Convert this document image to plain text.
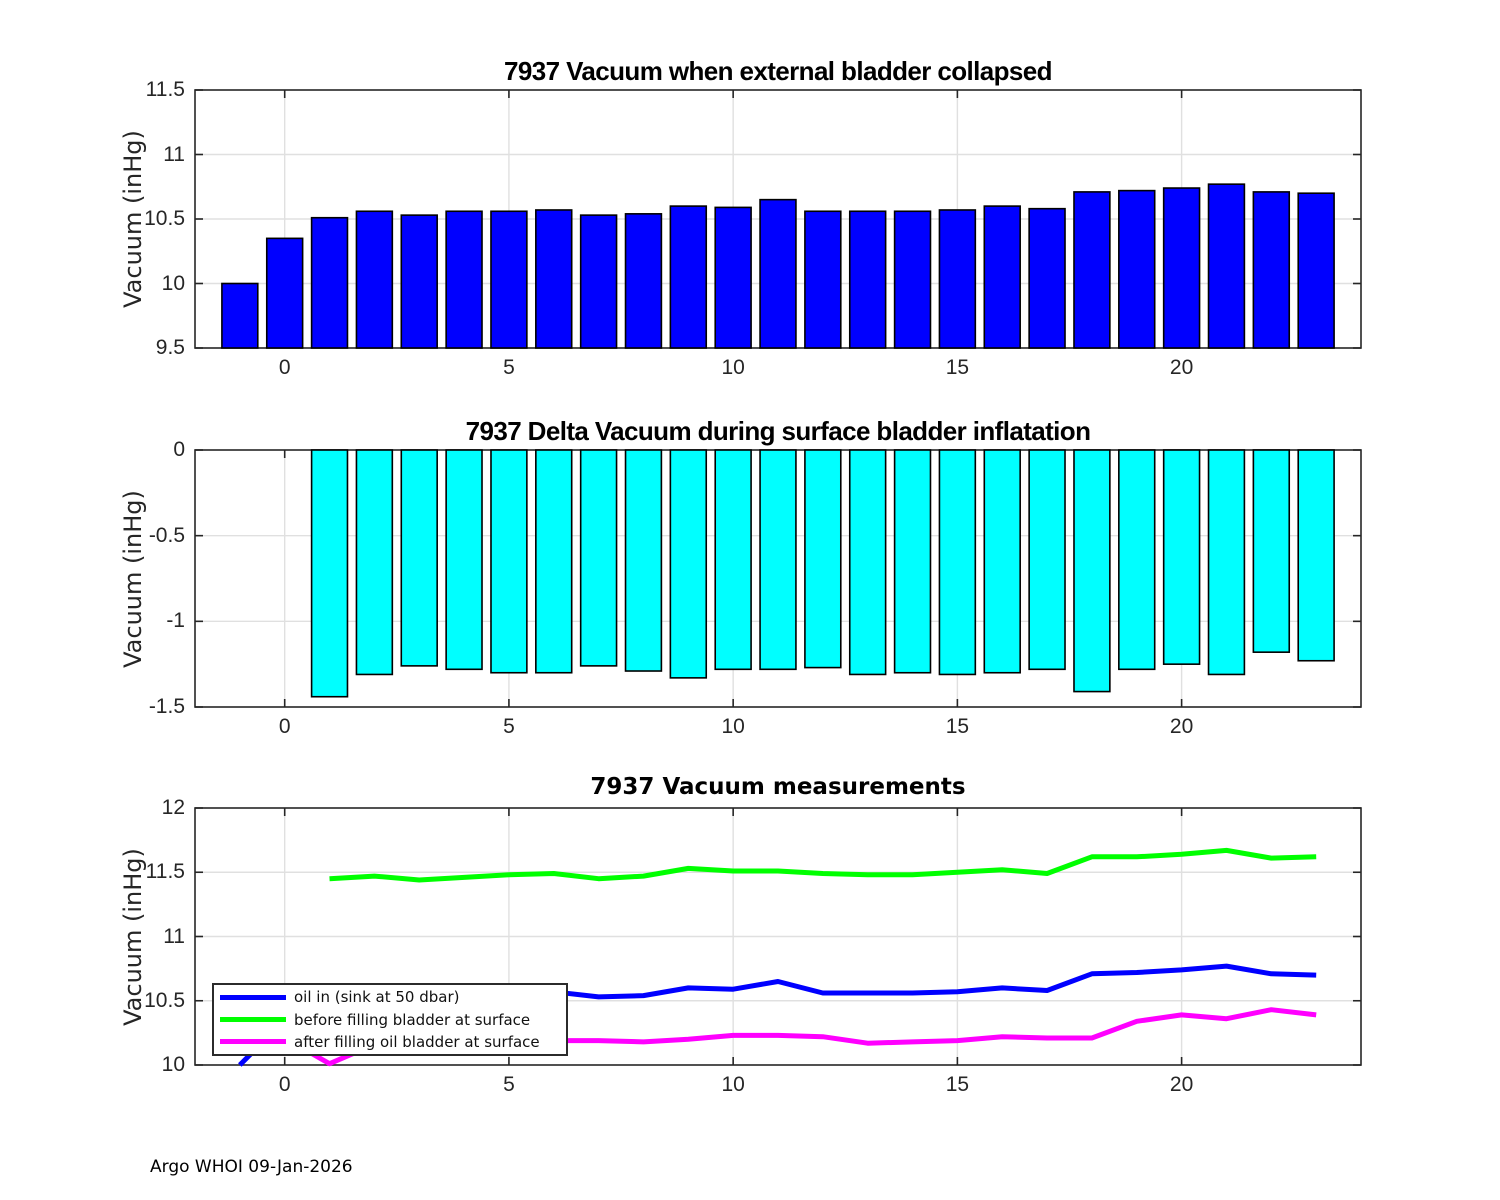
7937 Vacuum when external bladder collapsed
Vacuum (inHg)
0	5	10	15	20
9.5
10
10.5
11
11.5
7937 Delta Vacuum during surface bladder inflatation
Vacuum (inHg)
0	5	10	15	20
-1.5
-1
-0.5
0
7937 Vacuum measurements
Vacuum (inHg)	oil in (sink at 50 dbar)
before filling bladder at surface
after filling oil bladder at surface
0	5	10	15	20
10
10.5
11
11.5
12
Argo WHOI 09-Jan-2026
